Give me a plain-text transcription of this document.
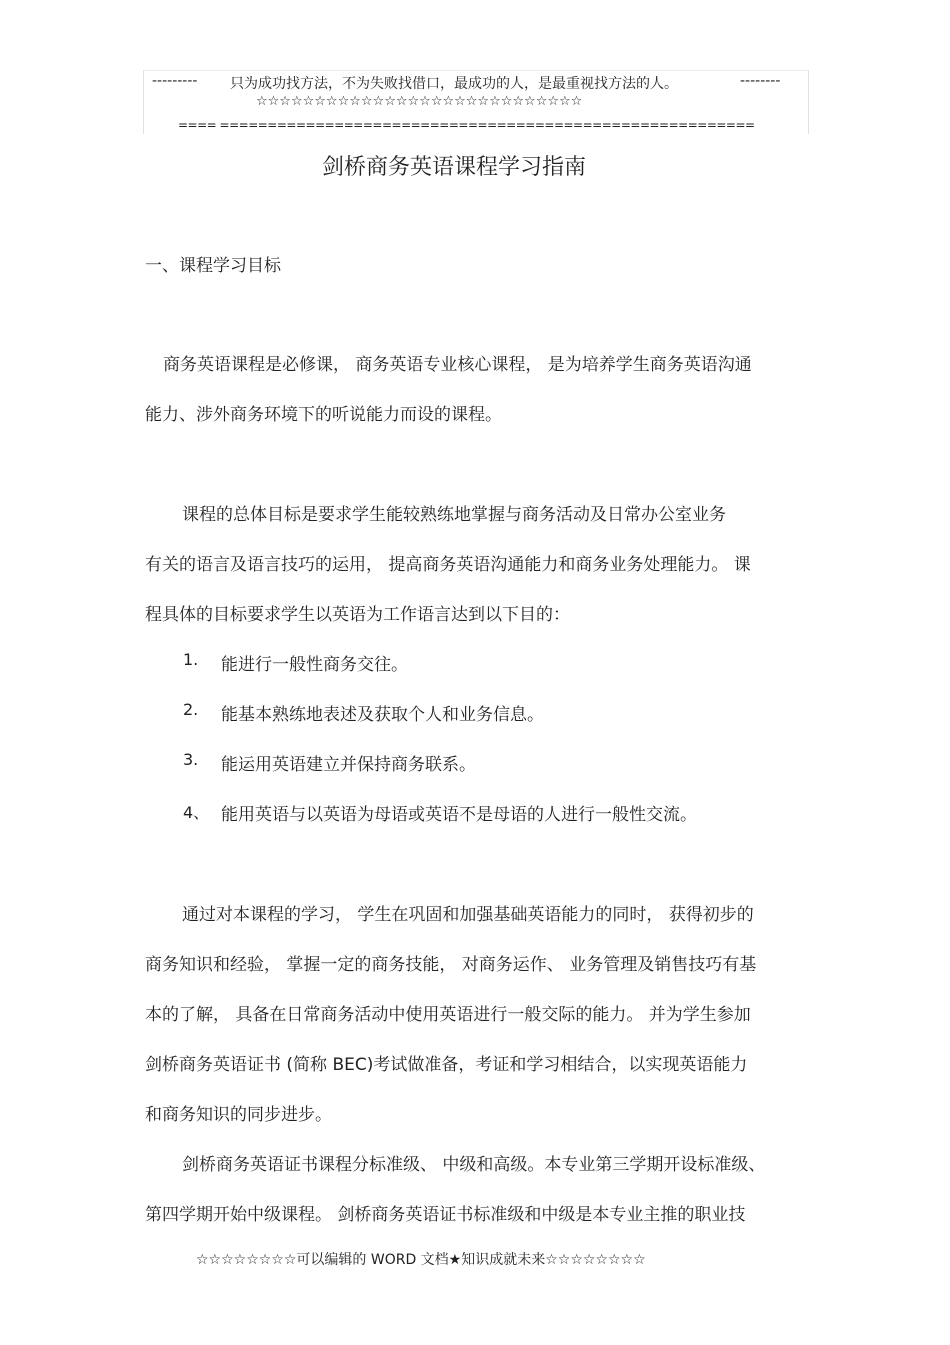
--------- 只为成功找方法，不为失败找借口，最成功的人，是最重视找方法的人。	--------
☆☆☆☆☆☆☆☆☆☆☆☆☆☆☆☆☆☆☆☆☆☆☆☆☆☆☆☆
==== ========================================================
剑桥商务英语课程学习指南
一、课程学习目标
商务英语课程是必修课， 商务英语专业核心课程， 是为培养学生商务英语沟通
能力、涉外商务环境下的听说能力而设的课程。
课程的总体目标是要求学生能较熟练地掌握与商务活动及日常办公室业务
有关的语言及语言技巧的运用， 提高商务英语沟通能力和商务业务处理能力。 课
程具体的目标要求学生以英语为工作语言达到以下目的：
1. 能进行一般性商务交往。
2. 能基本熟练地表述及获取个人和业务信息。
3. 能运用英语建立并保持商务联系。
4、 能用英语与以英语为母语或英语不是母语的人进行一般性交流。
通过对本课程的学习， 学生在巩固和加强基础英语能力的同时， 获得初步的
商务知识和经验， 掌握一定的商务技能， 对商务运作、 业务管理及销售技巧有基
本的了解， 具备在日常商务活动中使用英语进行一般交际的能力。 并为学生参加
剑桥商务英语证书 (简称 BEC)考试做准备，考证和学习相结合，以实现英语能力
和商务知识的同步进步。
剑桥商务英语证书课程分标准级、 中级和高级。本专业第三学期开设标准级、
第四学期开始中级课程。 剑桥商务英语证书标准级和中级是本专业主推的职业技
☆☆☆☆☆☆☆☆可以编辑的 WORD 文档★知识成就未来☆☆☆☆☆☆☆☆
